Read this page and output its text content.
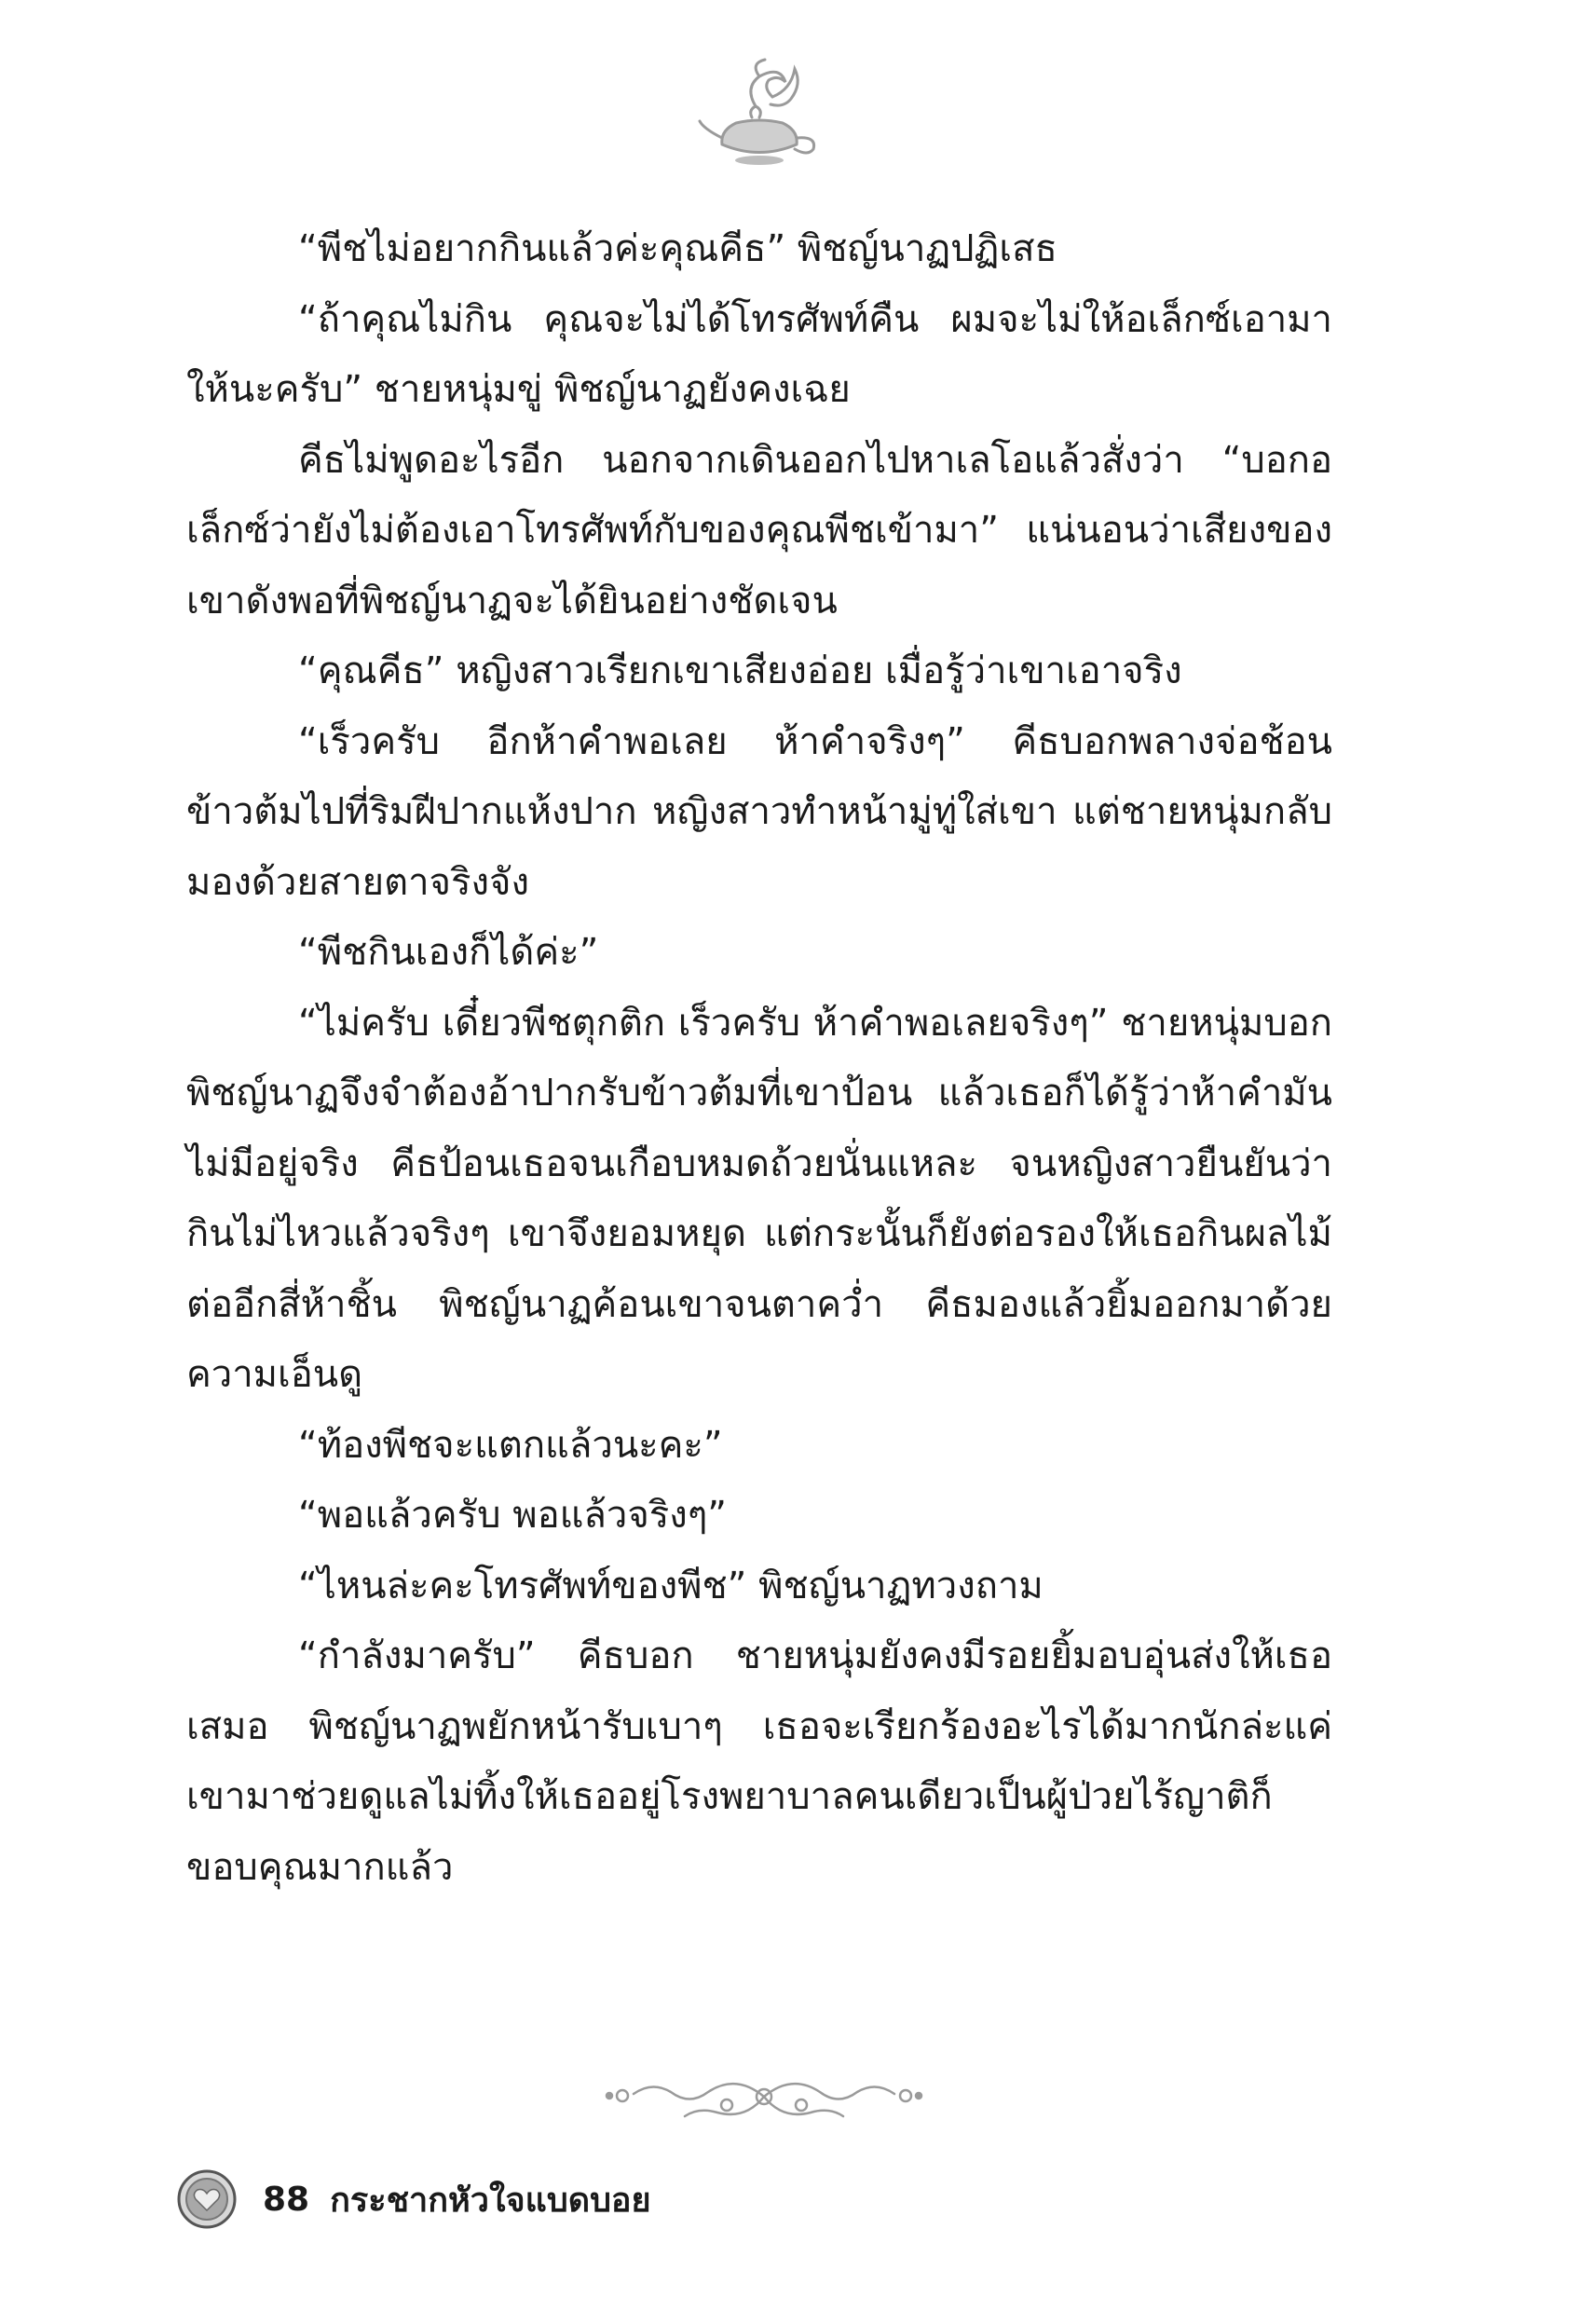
“พีชไม่อยากกินแล้วค่ะคุณคีธ” พิชญ์นาฏปฏิเสธ

“ถ้าคุณไม่กิน คุณจะไม่ได้โทรศัพท์คืน ผมจะไม่ให้อเล็กซ์เอามาให้นะครับ” ชายหนุ่มขู่ พิชญ์นาฏยังคงเฉย

คีธไม่พูดอะไรอีก นอกจากเดินออกไปหาเลโอแล้วสั่งว่า “บอกอเล็กซ์ว่ายังไม่ต้องเอาโทรศัพท์กับของคุณพีชเข้ามา” แน่นอนว่าเสียงของเขาดังพอที่พิชญ์นาฏจะได้ยินอย่างชัดเจน

“คุณคีธ” หญิงสาวเรียกเขาเสียงอ่อย เมื่อรู้ว่าเขาเอาจริง

“เร็วครับ อีกห้าคำพอเลย ห้าคำจริงๆ” คีธบอกพลางจ่อช้อนข้าวต้มไปที่ริมฝีปากแห้งปาก หญิงสาวทำหน้ามู่ทู่ใส่เขา แต่ชายหนุ่มกลับมองด้วยสายตาจริงจัง

“พีชกินเองก็ได้ค่ะ”

“ไม่ครับ เดี๋ยวพีชตุกติก เร็วครับ ห้าคำพอเลยจริงๆ” ชายหนุ่มบอก พิชญ์นาฏจึงจำต้องอ้าปากรับข้าวต้มที่เขาป้อน แล้วเธอก็ได้รู้ว่าห้าคำมันไม่มีอยู่จริง คีธป้อนเธอจนเกือบหมดถ้วยนั่นแหละ จนหญิงสาวยืนยันว่ากินไม่ไหวแล้วจริงๆ เขาจึงยอมหยุด แต่กระนั้นก็ยังต่อรองให้เธอกินผลไม้ต่ออีกสี่ห้าชิ้น พิชญ์นาฏค้อนเขาจนตาคว่ำ คีธมองแล้วยิ้มออกมาด้วยความเอ็นดู

“ท้องพีชจะแตกแล้วนะคะ”

“พอแล้วครับ พอแล้วจริงๆ”

“ไหนล่ะคะโทรศัพท์ของพีช” พิชญ์นาฏทวงถาม

“กำลังมาครับ” คีธบอก ชายหนุ่มยังคงมีรอยยิ้มอบอุ่นส่งให้เธอเสมอ พิชญ์นาฏพยักหน้ารับเบาๆ เธอจะเรียกร้องอะไรได้มากนักล่ะแค่เขามาช่วยดูแลไม่ทิ้งให้เธออยู่โรงพยาบาลคนเดียวเป็นผู้ป่วยไร้ญาติก็ขอบคุณมากแล้ว

88 กระชากหัวใจแบดบอย
